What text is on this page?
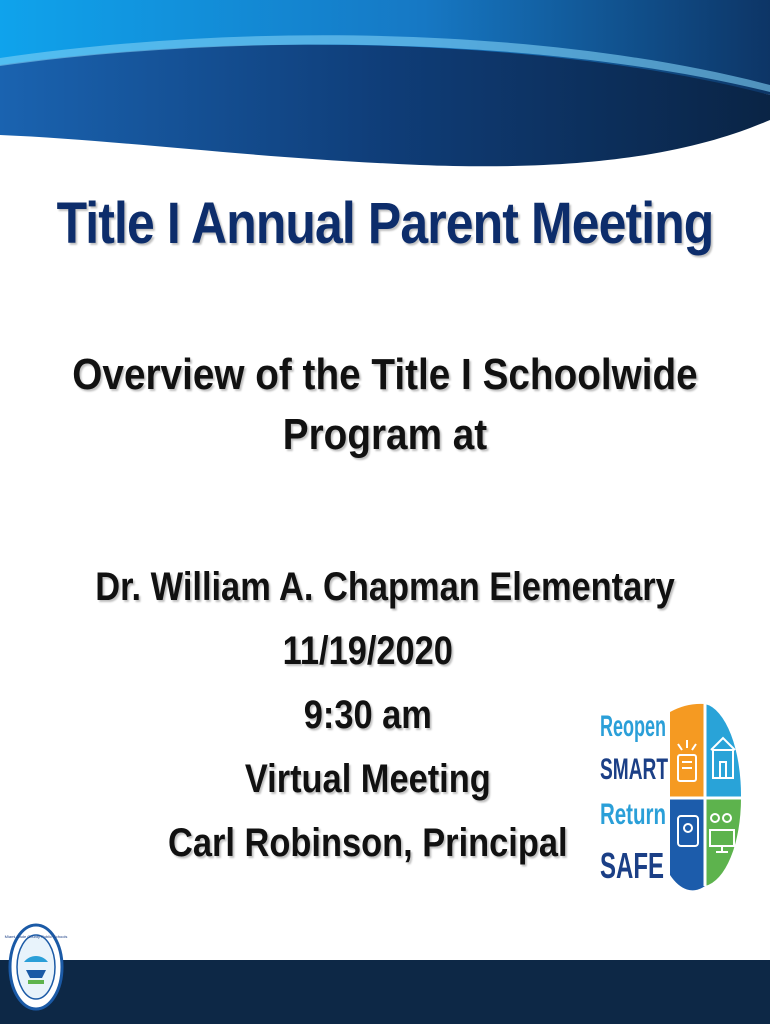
Title I Annual Parent Meeting
Overview of the Title I Schoolwide
Program at
Dr. William A. Chapman Elementary
11/19/2020
9:30 am
Virtual Meeting
Carl Robinson, Principal
Reopen
SMART
Return
SAFE
Miami-Dade County Public Schools
